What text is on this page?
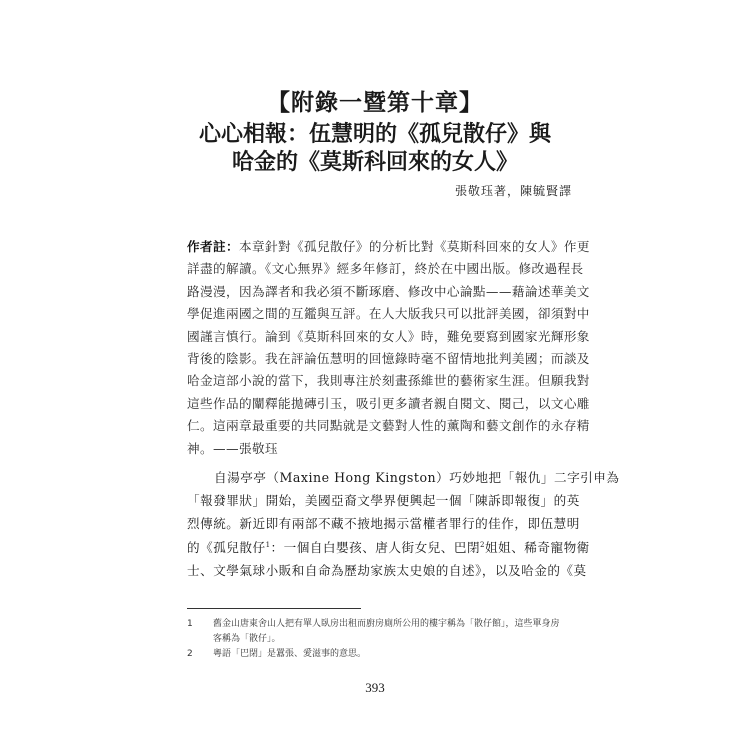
【附錄一暨第十章】
心心相報：伍慧明的《孤兒散仔》與
哈金的《莫斯科回來的女人》
張敬珏著，陳毓賢譯
作者註：本章針對《孤兒散仔》的分析比對《莫斯科回來的女人》作更
詳盡的解讀。《文心無界》經多年修訂，終於在中國出版。修改過程長
路漫漫，因為譯者和我必須不斷琢磨、修改中心論點——藉論述華美文
學促進兩國之間的互鑑與互評。在人大版我只可以批評美國，卻須對中
國謹言慎行。論到《莫斯科回來的女人》時，難免要寫到國家光輝形象
背後的陰影。我在評論伍慧明的回憶錄時毫不留情地批判美國；而談及
哈金這部小說的當下，我則專注於刻畫孫維世的藝術家生涯。但願我對
這些作品的闡釋能拋磚引玉，吸引更多讀者親自閱文、閱己，以文心雕
仁。這兩章最重要的共同點就是文藝對人性的薰陶和藝文創作的永存精
神。——張敬珏
自湯亭亭（Maxine Hong Kingston）巧妙地把「報仇」二字引申為
「報發罪狀」開始，美國亞裔文學界便興起一個「陳訴即報復」的英
烈傳統。新近即有兩部不藏不掖地揭示當權者罪行的佳作，即伍慧明
的《孤兒散仔$^1$：一個自白嬰孩、唐人街女兒、巴閉$^2$姐姐、稀奇寵物衛
士、文學氣球小販和自命為歷劫家族太史娘的自述》，以及哈金的《莫
1	舊金山唐東舍山人把有單人臥房出租而廚房廁所公用的樓宇稱為「散仔館」，這些單身房
客稱為「散仔」。
2	粵語「巴閉」是囂張、愛滋事的意思。
393
